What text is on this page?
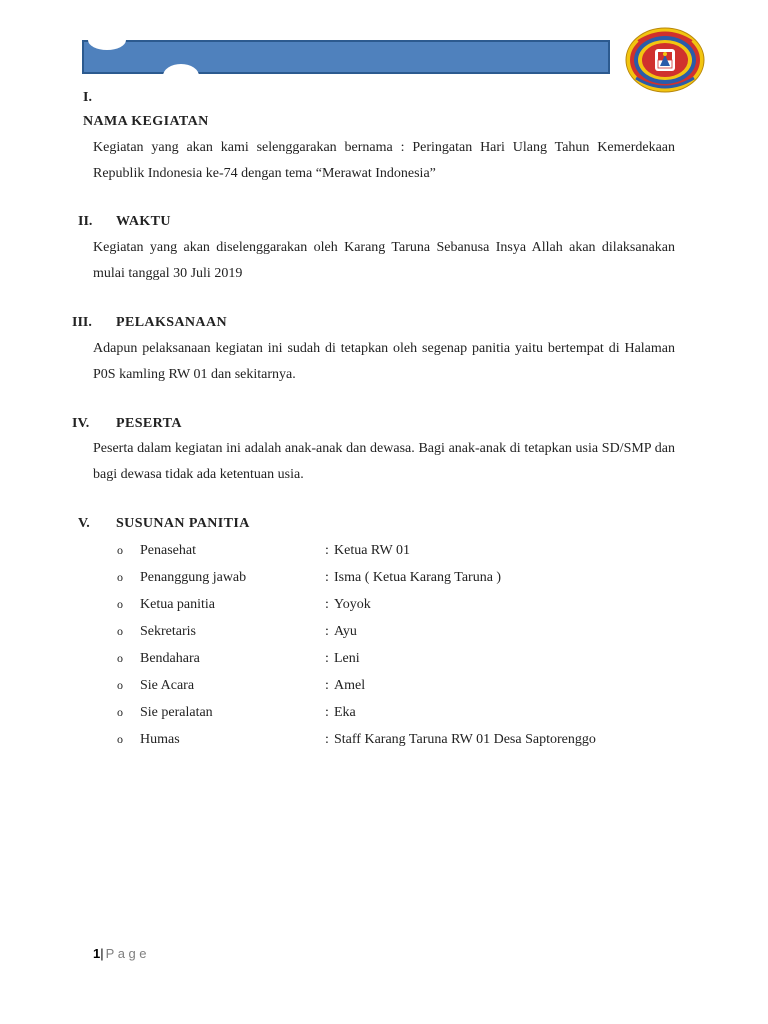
I.
NAMA KEGIATAN
Kegiatan yang akan kami selenggarakan bernama : Peringatan Hari Ulang Tahun Kemerdekaan Republik Indonesia ke-74 dengan tema “Merawat Indonesia”
II. WAKTU
Kegiatan yang akan diselenggarakan oleh Karang Taruna Sebanusa Insya Allah akan dilaksanakan mulai tanggal 30 Juli 2019
III. PELAKSANAAN
Adapun pelaksanaan kegiatan ini sudah di tetapkan oleh segenap panitia yaitu bertempat di Halaman P0S kamling RW 01 dan sekitarnya.
IV. PESERTA
Peserta dalam kegiatan ini adalah anak-anak dan dewasa. Bagi anak-anak di tetapkan usia SD/SMP dan bagi dewasa tidak ada ketentuan usia.
V. SUSUNAN PANITIA
o Penasehat	: Ketua RW 01
o Penanggung jawab	: Isma ( Ketua Karang Taruna )
o Ketua panitia	: Yoyok
o Sekretaris	: Ayu
o Bendahara	: Leni
o Sie Acara	: Amel
o Sie peralatan	: Eka
o Humas	: Staff Karang Taruna RW 01 Desa Saptorenggo
1| Page
